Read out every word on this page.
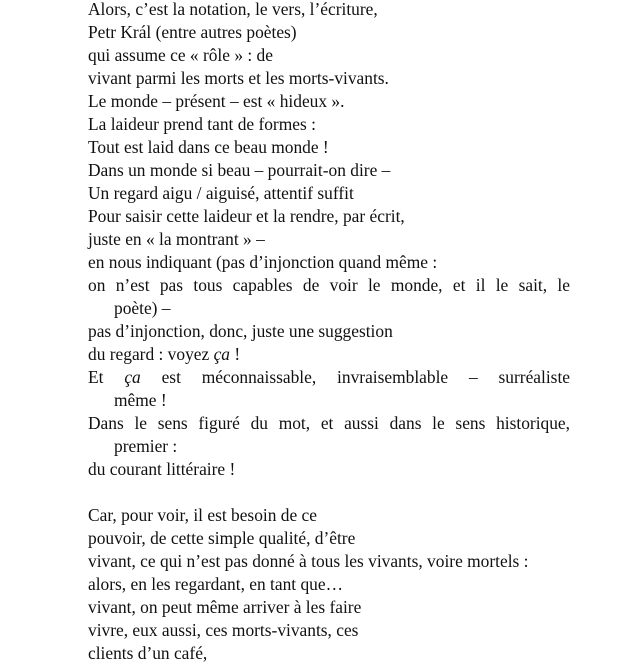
Alors, c’est la notation, le vers, l’écriture,
Petr Král (entre autres poètes)
qui assume ce « rôle » : de
vivant parmi les morts et les morts-vivants.
Le monde – présent – est « hideux ».
La laideur prend tant de formes :
Tout est laid dans ce beau monde !
Dans un monde si beau – pourrait-on dire –
Un regard aigu / aiguisé, attentif suffit
Pour saisir cette laideur et la rendre, par écrit,
juste en « la montrant » –
en nous indiquant (pas d’injonction quand même :
on n’est pas tous capables de voir le monde, et il le sait, le
poète) –
pas d’injonction, donc, juste une suggestion
du regard : voyez ça !
Et ça est méconnaissable, invraisemblable – surréaliste
même !
Dans le sens figuré du mot, et aussi dans le sens historique,
premier :
du courant littéraire !
Car, pour voir, il est besoin de ce
pouvoir, de cette simple qualité, d’être
vivant, ce qui n’est pas donné à tous les vivants, voire mortels :
alors, en les regardant, en tant que…
vivant, on peut même arriver à les faire
vivre, eux aussi, ces morts-vivants, ces
clients d’un café,
